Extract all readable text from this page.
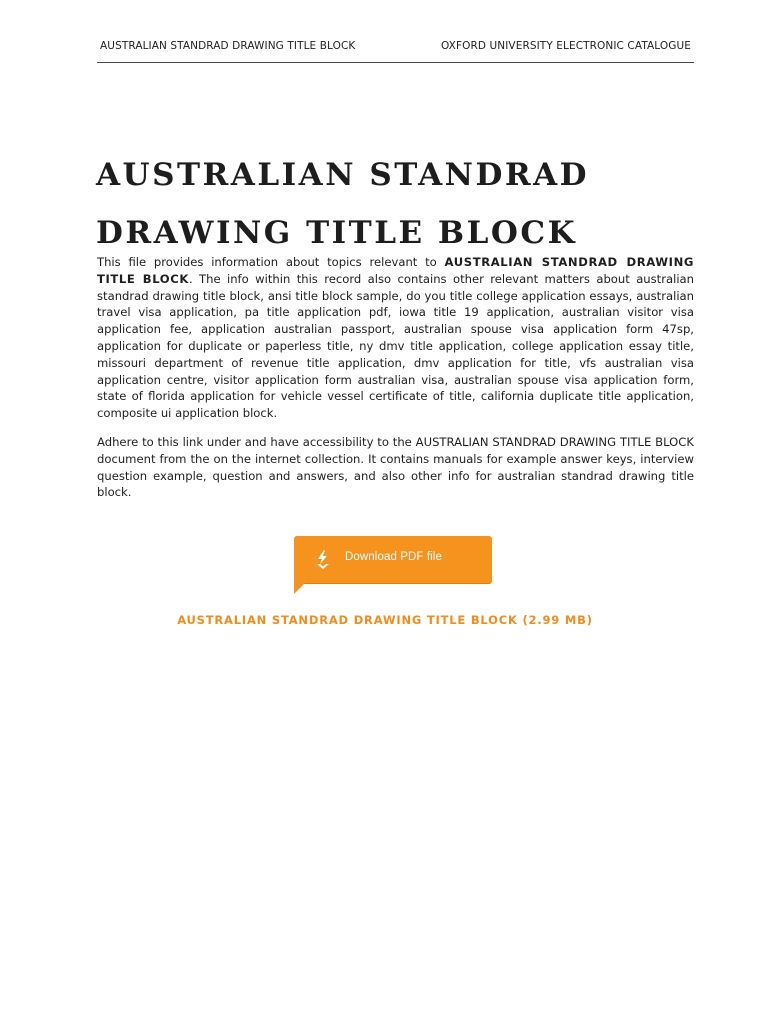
AUSTRALIAN STANDRAD DRAWING TITLE BLOCK	OXFORD UNIVERSITY ELECTRONIC CATALOGUE
AUSTRALIAN STANDRAD
DRAWING TITLE BLOCK

This file provides information about topics relevant to AUSTRALIAN STANDRAD DRAWING TITLE BLOCK. The info within this record also contains other relevant matters about australian standrad drawing title block, ansi title block sample, do you title college application essays, australian travel visa application, pa title application pdf, iowa title 19 application, australian visitor visa application fee, application australian passport, australian spouse visa application form 47sp, application for duplicate or paperless title, ny dmv title application, college application essay title, missouri department of revenue title application, dmv application for title, vfs australian visa application centre, visitor application form australian visa, australian spouse visa application form, state of florida application for vehicle vessel certificate of title, california duplicate title application, composite ui application block.

Adhere to this link under and have accessibility to the AUSTRALIAN STANDRAD DRAWING TITLE BLOCK document from the on the internet collection. It contains manuals for example answer keys, interview question example, question and answers, and also other info for australian standrad drawing title block.

Download PDF file
AUSTRALIAN STANDRAD DRAWING TITLE BLOCK (2.99 MB)
